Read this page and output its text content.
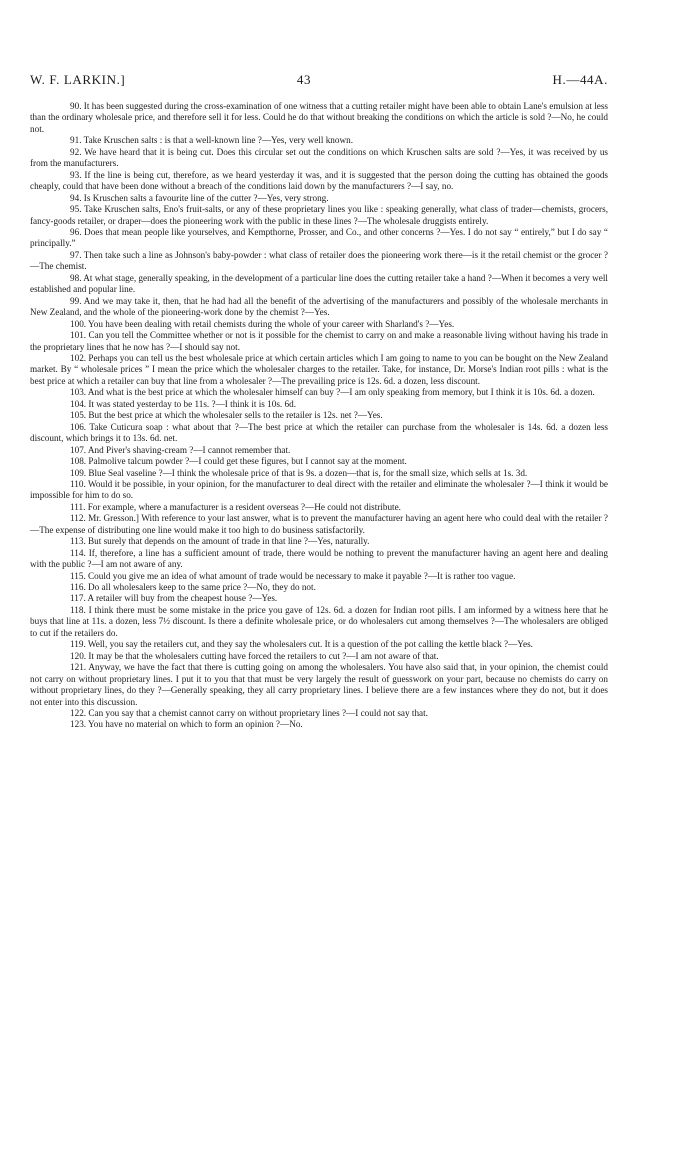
W. F. LARKIN.]	43	H.—44A.

90. It has been suggested during the cross-examination of one witness that a cutting retailer might have been able to obtain Lane's emulsion at less than the ordinary wholesale price, and therefore sell it for less. Could he do that without breaking the conditions on which the article is sold ?—No, he could not.

91. Take Kruschen salts : is that a well-known line ?—Yes, very well known.

92. We have heard that it is being cut. Does this circular set out the conditions on which Kruschen salts are sold ?—Yes, it was received by us from the manufacturers.

93. If the line is being cut, therefore, as we heard yesterday it was, and it is suggested that the person doing the cutting has obtained the goods cheaply, could that have been done without a breach of the conditions laid down by the manufacturers ?—I say, no.

94. Is Kruschen salts a favourite line of the cutter ?—Yes, very strong.

95. Take Kruschen salts, Eno's fruit-salts, or any of these proprietary lines you like : speaking generally, what class of trader—chemists, grocers, fancy-goods retailer, or draper—does the pioneering work with the public in these lines ?—The wholesale druggists entirely.

96. Does that mean people like yourselves, and Kempthorne, Prosser, and Co., and other concerns ?—Yes. I do not say “ entirely,” but I do say “ principally.”

97. Then take such a line as Johnson's baby-powder : what class of retailer does the pioneering work there—is it the retail chemist or the grocer ?—The chemist.

98. At what stage, generally speaking, in the development of a particular line does the cutting retailer take a hand ?—When it becomes a very well established and popular line.

99. And we may take it, then, that he had had all the benefit of the advertising of the manufacturers and possibly of the wholesale merchants in New Zealand, and the whole of the pioneering-work done by the chemist ?—Yes.

100. You have been dealing with retail chemists during the whole of your career with Sharland's ?—Yes.

101. Can you tell the Committee whether or not is it possible for the chemist to carry on and make a reasonable living without having his trade in the proprietary lines that he now has ?—I should say not.

102. Perhaps you can tell us the best wholesale price at which certain articles which I am going to name to you can be bought on the New Zealand market. By “ wholesale prices ” I mean the price which the wholesaler charges to the retailer. Take, for instance, Dr. Morse's Indian root pills : what is the best price at which a retailer can buy that line from a wholesaler ?—The prevailing price is 12s. 6d. a dozen, less discount.

103. And what is the best price at which the wholesaler himself can buy ?—I am only speaking from memory, but I think it is 10s. 6d. a dozen.

104. It was stated yesterday to be 11s. ?—I think it is 10s. 6d.

105. But the best price at which the wholesaler sells to the retailer is 12s. net ?—Yes.

106. Take Cuticura soap : what about that ?—The best price at which the retailer can purchase from the wholesaler is 14s. 6d. a dozen less discount, which brings it to 13s. 6d. net.

107. And Piver's shaving-cream ?—I cannot remember that.

108. Palmolive talcum powder ?—I could get these figures, but I cannot say at the moment.

109. Blue Seal vaseline ?—I think the wholesale price of that is 9s. a dozen—that is, for the small size, which sells at 1s. 3d.

110. Would it be possible, in your opinion, for the manufacturer to deal direct with the retailer and eliminate the wholesaler ?—I think it would be impossible for him to do so.

111. For example, where a manufacturer is a resident overseas ?—He could not distribute.

112. Mr. Gresson.] With reference to your last answer, what is to prevent the manufacturer having an agent here who could deal with the retailer ?—The expense of distributing one line would make it too high to do business satisfactorily.

113. But surely that depends on the amount of trade in that line ?—Yes, naturally.

114. If, therefore, a line has a sufficient amount of trade, there would be nothing to prevent the manufacturer having an agent here and dealing with the public ?—I am not aware of any.

115. Could you give me an idea of what amount of trade would be necessary to make it payable ?—It is rather too vague.

116. Do all wholesalers keep to the same price ?—No, they do not.

117. A retailer will buy from the cheapest house ?—Yes.

118. I think there must be some mistake in the price you gave of 12s. 6d. a dozen for Indian root pills. I am informed by a witness here that he buys that line at 11s. a dozen, less 7½ discount. Is there a definite wholesale price, or do wholesalers cut among themselves ?—The wholesalers are obliged to cut if the retailers do.

119. Well, you say the retailers cut, and they say the wholesalers cut. It is a question of the pot calling the kettle black ?—Yes.

120. It may be that the wholesalers cutting have forced the retailers to cut ?—I am not aware of that.

121. Anyway, we have the fact that there is cutting going on among the wholesalers. You have also said that, in your opinion, the chemist could not carry on without proprietary lines. I put it to you that that must be very largely the result of guesswork on your part, because no chemists do carry on without proprietary lines, do they ?—Generally speaking, they all carry proprietary lines. I believe there are a few instances where they do not, but it does not enter into this discussion.

122. Can you say that a chemist cannot carry on without proprietary lines ?—I could not say that.

123. You have no material on which to form an opinion ?—No.
